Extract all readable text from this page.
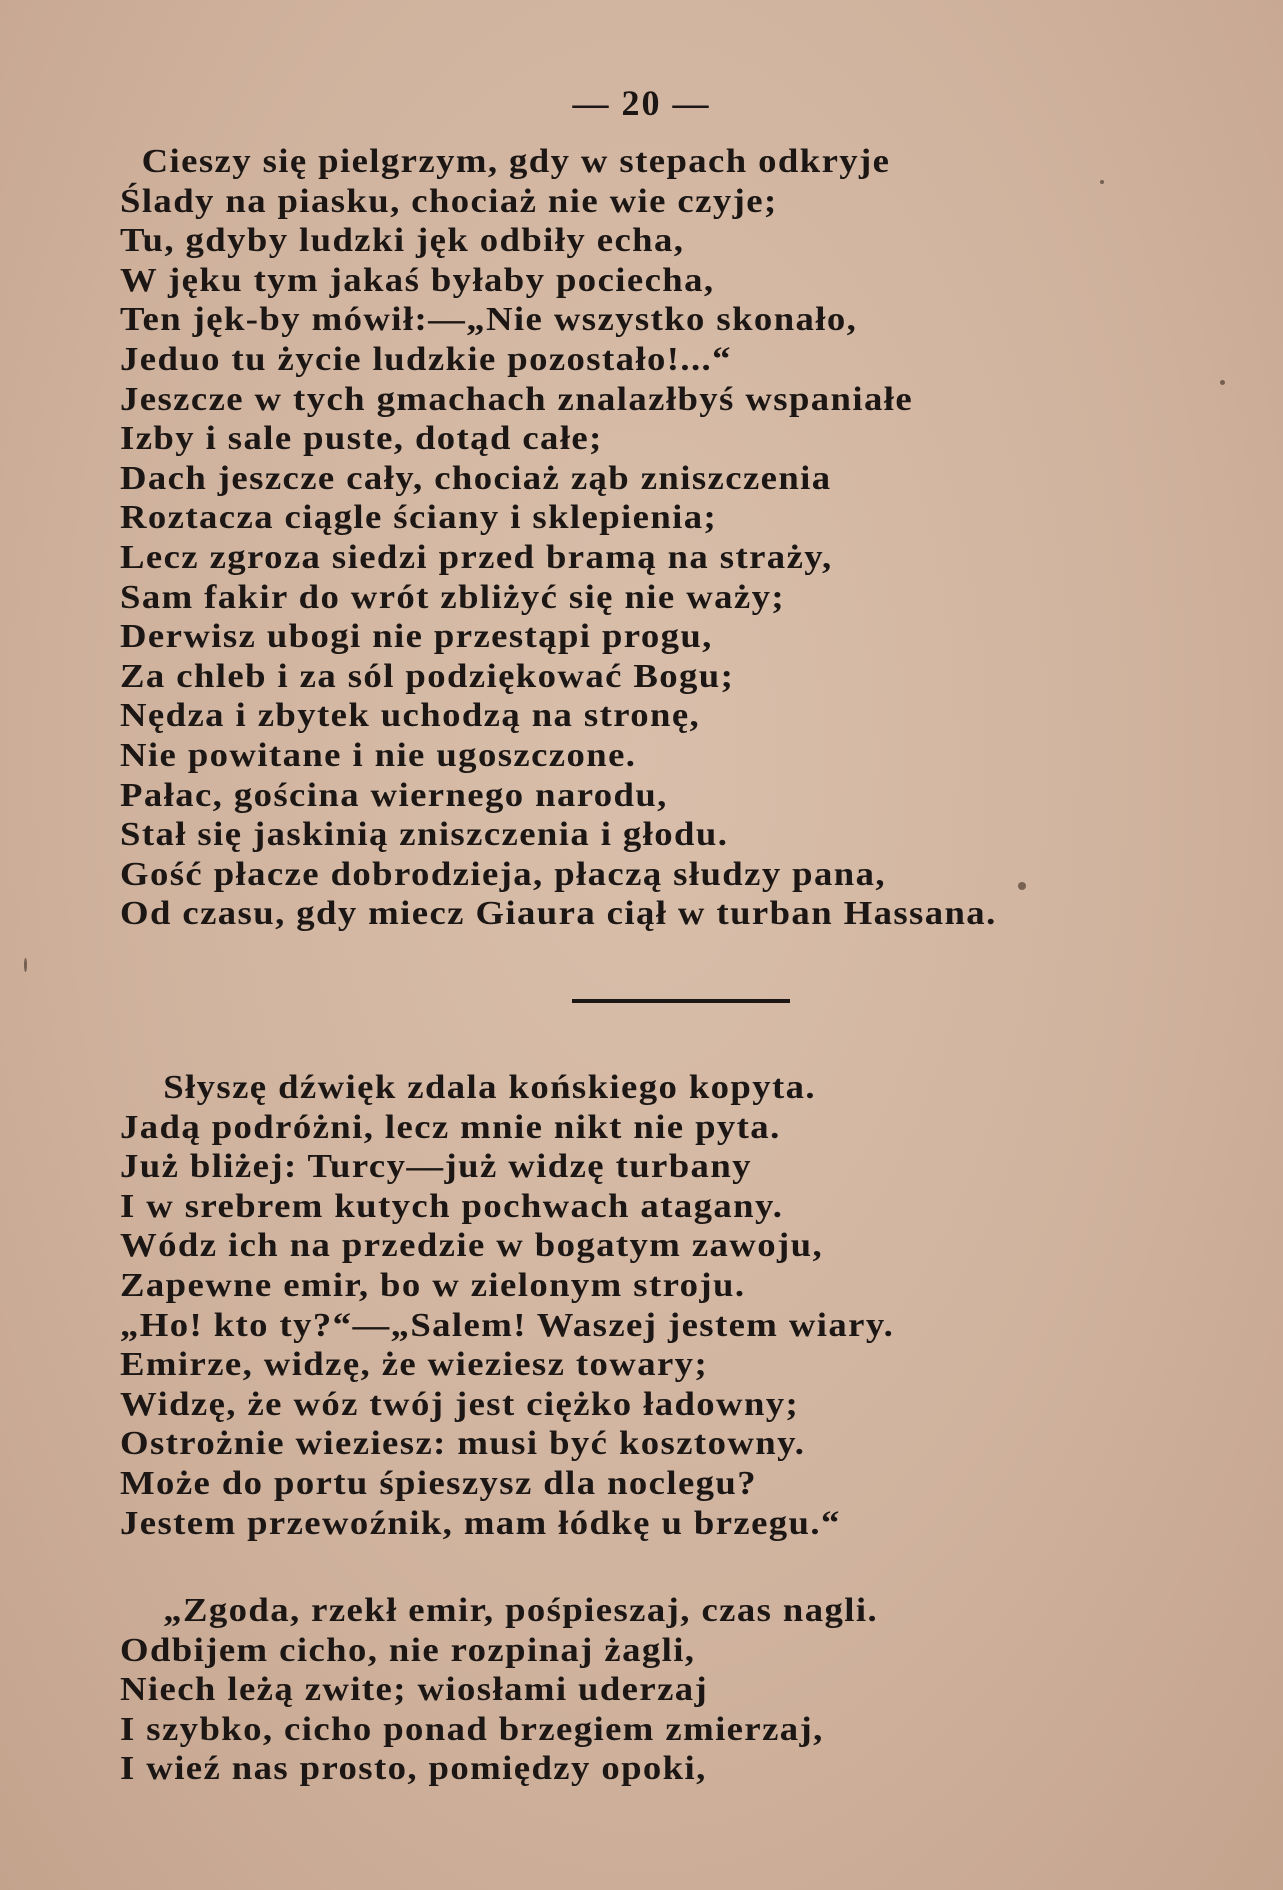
— 20 —
Cieszy się pielgrzym, gdy w stepach odkryje
Ślady na piasku, chociaż nie wie czyje;
Tu, gdyby ludzki jęk odbiły echa,
W jęku tym jakaś byłaby pociecha,
Ten jęk-by mówił:—„Nie wszystko skonało,
Jeduo tu życie ludzkie pozostało!...“
Jeszcze w tych gmachach znalazłbyś wspaniałe
Izby i sale puste, dotąd całe;
Dach jeszcze cały, chociaż ząb zniszczenia
Roztacza ciągle ściany i sklepienia;
Lecz zgroza siedzi przed bramą na straży,
Sam fakir do wrót zbliżyć się nie waży;
Derwisz ubogi nie przestąpi progu,
Za chleb i za sól podziękować Bogu;
Nędza i zbytek uchodzą na stronę,
Nie powitane i nie ugoszczone.
Pałac, gościna wiernego narodu,
Stał się jaskinią zniszczenia i głodu.
Gość płacze dobrodzieja, płaczą słudzy pana,
Od czasu, gdy miecz Giaura ciął w turban Hassana.
Słyszę dźwięk zdala końskiego kopyta.
Jadą podróżni, lecz mnie nikt nie pyta.
Już bliżej: Turcy—już widzę turbany
I w srebrem kutych pochwach atagany.
Wódz ich na przedzie w bogatym zawoju,
Zapewne emir, bo w zielonym stroju.
„Ho! kto ty?“—„Salem! Waszej jestem wiary.
Emirze, widzę, że wieziesz towary;
Widzę, że wóz twój jest ciężko ładowny;
Ostrożnie wieziesz: musi być kosztowny.
Może do portu śpieszysz dla noclegu?
Jestem przewoźnik, mam łódkę u brzegu.“
„Zgoda, rzekł emir, pośpieszaj, czas nagli.
Odbijem cicho, nie rozpinaj żagli,
Niech leżą zwite; wiosłami uderzaj
I szybko, cicho ponad brzegiem zmierzaj,
I wieź nas prosto, pomiędzy opoki,
